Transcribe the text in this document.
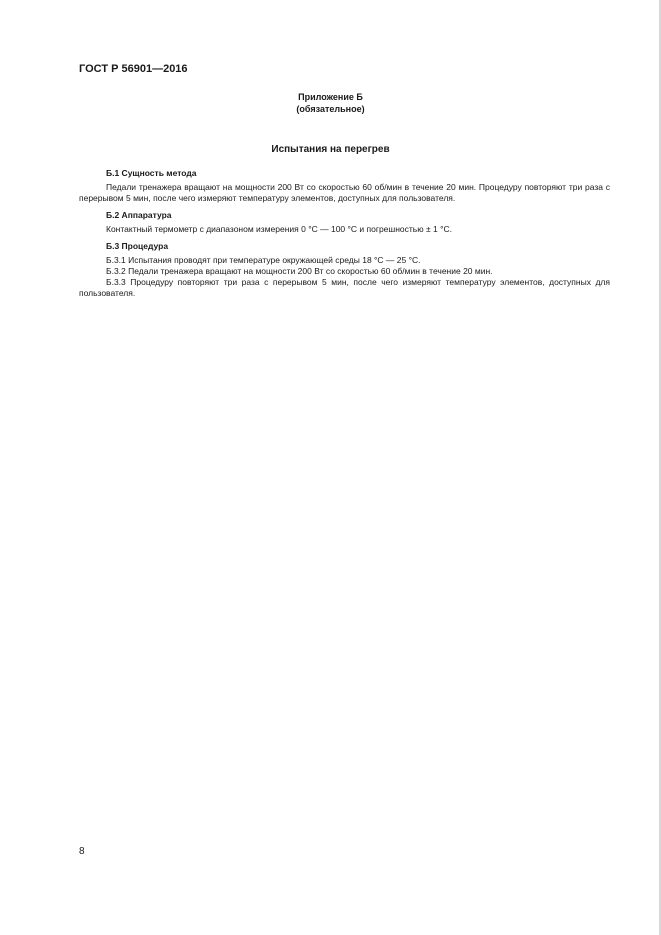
ГОСТ Р 56901—2016
Приложение Б
(обязательное)
Испытания на перегрев
Б.1 Сущность метода

Педали тренажера вращают на мощности 200 Вт со скоростью 60 об/мин в течение 20 мин. Процедуру повторяют три раза с перерывом 5 мин, после чего измеряют температуру элементов, доступных для пользователя.

Б.2 Аппаратура

Контактный термометр с диапазоном измерения 0 °С — 100 °С и погрешностью ± 1 °С.

Б.3 Процедура

Б.3.1 Испытания проводят при температуре окружающей среды 18 °С — 25 °С.

Б.3.2 Педали тренажера вращают на мощности 200 Вт со скоростью 60 об/мин в течение 20 мин.

Б.3.3 Процедуру повторяют три раза с перерывом 5 мин, после чего измеряют температуру элементов, доступных для пользователя.

8
